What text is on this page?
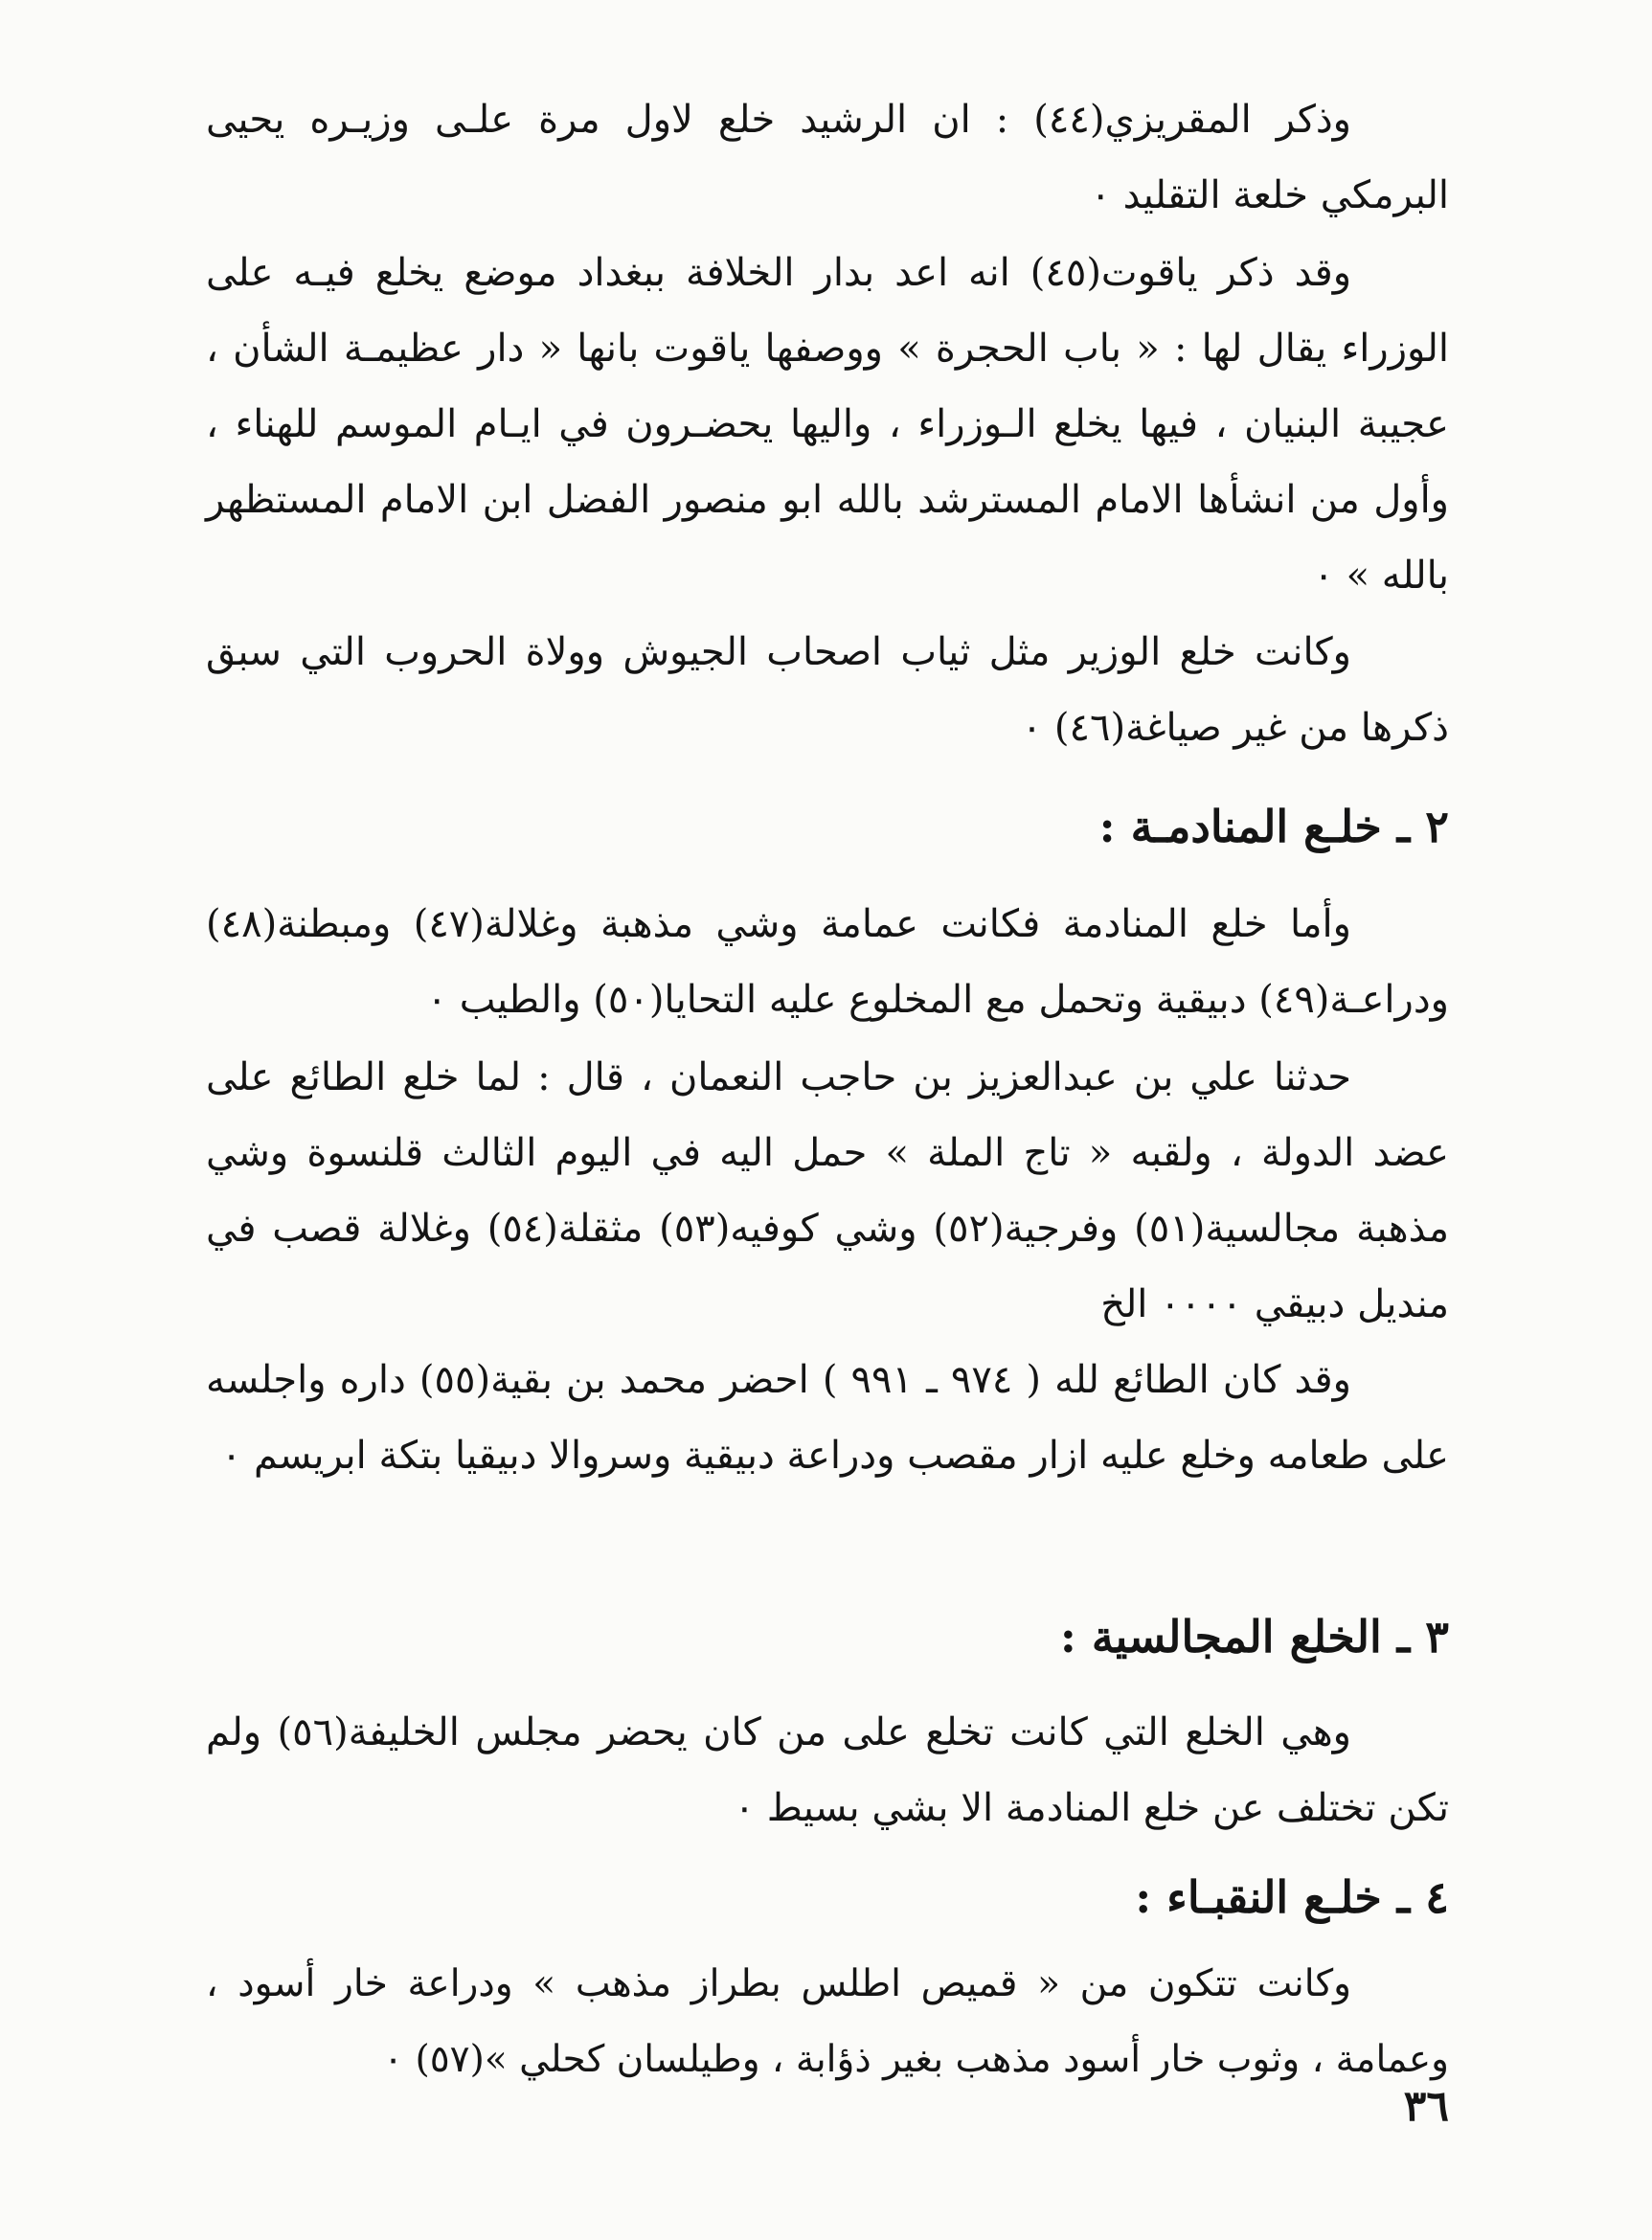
وذكر المقريزي(٤٤) : ان الرشيد خلع لاول مرة علـى وزيـره يحيى البرمكي خلعة التقليد ٠

وقد ذكر ياقوت(٤٥) انه اعد بدار الخلافة ببغداد موضع يخلع فيـه على الوزراء يقال لها : « باب الحجرة » ووصفها ياقوت بانها « دار عظيمـة الشأن ، عجيبة البنيان ، فيها يخلع الـوزراء ، واليها يحضـرون في ايـام الموسم للهناء ، وأول من انشأها الامام المسترشد بالله ابو منصور الفضل ابن الامام المستظهر بالله » ٠

وكانت خلع الوزير مثل ثياب اصحاب الجيوش وولاة الحروب التي سبق ذكرها من غير صياغة(٤٦) ٠

٢ ـ خلـع المنادمـة :

وأما خلع المنادمة فكانت عمامة وشي مذهبة وغلالة(٤٧) ومبطنة(٤٨) ودراعـة(٤٩) دبيقية وتحمل مع المخلوع عليه التحايا(٥٠) والطيب ٠

حدثنا علي بن عبدالعزيز بن حاجب النعمان ، قال : لما خلع الطائع على عضد الدولة ، ولقبه « تاج الملة » حمل اليه في اليوم الثالث قلنسوة وشي مذهبة مجالسية(٥١) وفرجية(٥٢) وشي كوفيه(٥٣) مثقلة(٥٤) وغلالة قصب في منديل دبيقي ٠٠٠٠ الخ

وقد كان الطائع لله ( ٩٧٤ ـ ٩٩١ ) احضر محمد بن بقية(٥٥) داره واجلسه على طعامه وخلع عليه ازار مقصب ودراعة دبيقية وسروالا دبيقيا بتكة ابريسم ٠

٣ ـ الخلع المجالسية :

وهي الخلع التي كانت تخلع على من كان يحضر مجلس الخليفة(٥٦) ولم تكن تختلف عن خلع المنادمة الا بشي بسيط ٠

٤ ـ خلـع النقبـاء :

وكانت تتكون من « قميص اطلس بطراز مذهب » ودراعة خار أسود ، وعمامة ، وثوب خار أسود مذهب بغير ذؤابة ، وطيلسان كحلي »(٥٧) ٠

٣٦
